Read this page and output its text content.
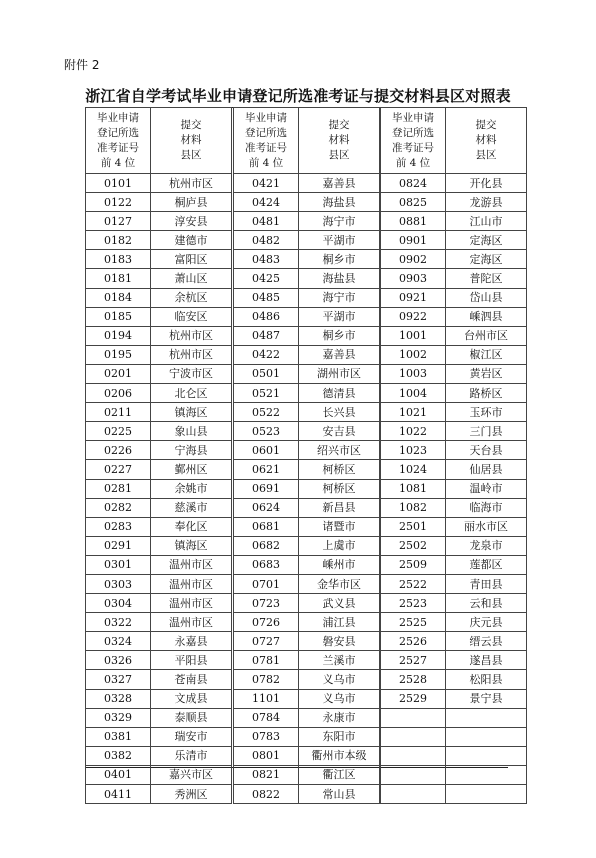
附件 2
浙江省自学考试毕业申请登记所选准考证与提交材料县区对照表
毕业申请
登记所选
准考证号
前 4 位	提交
材料
县区

0101	杭州市区
0122	桐庐县
0127	淳安县
0182	建德市
0183	富阳区
0181	萧山区
0184	余杭区
0185	临安区
0194	杭州市区
0195	杭州市区
0201	宁波市区
0206	北仑区
0211	镇海区
0225	象山县
0226	宁海县
0227	鄞州区
0281	余姚市
0282	慈溪市
0283	奉化区
0291	镇海区
0301	温州市区
0303	温州市区
0304	温州市区
0322	温州市区
0324	永嘉县
0326	平阳县
0327	苍南县
0328	文成县
0329	泰顺县
0381	瑞安市
0382	乐清市
0401	嘉兴市区
0411	秀洲区
毕业申请
登记所选
准考证号
前 4 位	提交
材料
县区

0421	嘉善县
0424	海盐县
0481	海宁市
0482	平湖市
0483	桐乡市
0425	海盐县
0485	海宁市
0486	平湖市
0487	桐乡市
0422	嘉善县
0501	湖州市区
0521	德清县
0522	长兴县
0523	安吉县
0601	绍兴市区
0621	柯桥区
0691	柯桥区
0624	新昌县
0681	诸暨市
0682	上虞市
0683	嵊州市
0701	金华市区
0723	武义县
0726	浦江县
0727	磐安县
0781	兰溪市
0782	义乌市
1101	义乌市
0784	永康市
0783	东阳市
0801	衢州市本级
0821	衢江区
0822	常山县
毕业申请
登记所选
准考证号
前 4 位	提交
材料
县区

0824	开化县
0825	龙游县
0881	江山市
0901	定海区
0902	定海区
0903	普陀区
0921	岱山县
0922	嵊泗县
1001	台州市区
1002	椒江区
1003	黄岩区
1004	路桥区
1021	玉环市
1022	三门县
1023	天台县
1024	仙居县
1081	温岭市
1082	临海市
2501	丽水市区
2502	龙泉市
2509	莲都区
2522	青田县
2523	云和县
2525	庆元县
2526	缙云县
2527	遂昌县
2528	松阳县
2529	景宁县
